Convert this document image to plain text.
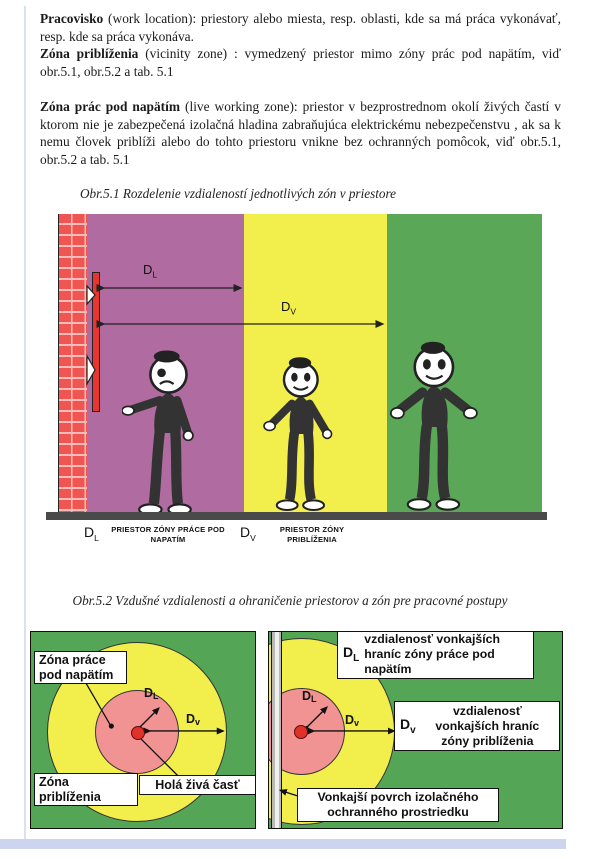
Pracovisko (work location): priestory alebo miesta, resp. oblasti, kde sa má práca vykonávať, resp. kde sa práca vykonáva.

Zóna priblíženia (vicinity zone) : vymedzený priestor mimo zóny prác pod napätím, viď obr.5.1, obr.5.2 a tab. 5.1

Zóna prác pod napätím (live working zone): priestor v bezprostrednom okolí živých častí v ktorom nie je zabezpečená izolačná hladina zabraňujúca elektrickému nebezpečenstvu , ak sa k nemu človek priblíži alebo do tohto priestoru vnikne bez ochranných pomôcok, viď obr.5.1, obr.5.2 a tab. 5.1

Obr.5.1 Rozdelenie vzdialeností jednotlivých zón v priestore
$D_L$
$D_V$
$D_L$
PRIESTOR ZÓNY PRÁCE POD NAPATÍM	$D_V$
PRIESTOR ZÓNY PRIBLÍŽENIA
Obr.5.2 Vzdušné vzdialenosti a ohraničenie priestorov a zón pre pracovné postupy
$D_L$
$D_v$
Zóna práce
pod napätím
Zóna
priblíženia
Holá živá časť
$D_L$
$D_v$
$D_L$
vzdialenosť vonkajších
hraníc zóny práce pod
napätím
$D_v$
vzdialenosť
vonkajších hraníc
zóny priblíženia
Vonkajší povrch izolačného
ochranného prostriedku
